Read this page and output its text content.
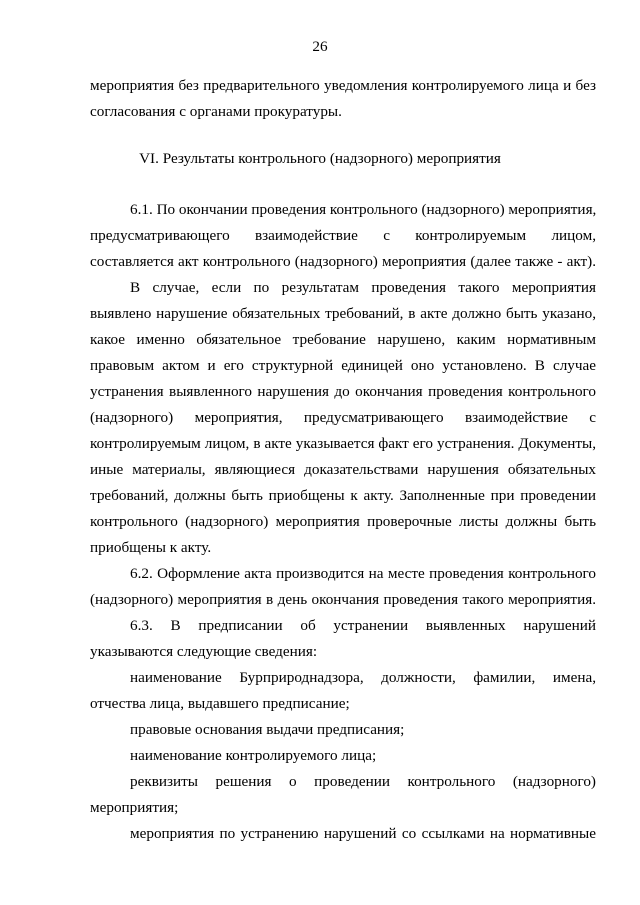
26
мероприятия без предварительного уведомления контролируемого лица и без
согласования с органами прокуратуры.
VI. Результаты контрольного (надзорного) мероприятия
6.1. По окончании проведения контрольного (надзорного) мероприятия,
предусматривающего взаимодействие с контролируемым лицом,
составляется акт контрольного (надзорного) мероприятия (далее также - акт).
В случае, если по результатам проведения такого мероприятия
выявлено нарушение обязательных требований, в акте должно быть указано,
какое именно обязательное требование нарушено, каким нормативным
правовым актом и его структурной единицей оно установлено. В случае
устранения выявленного нарушения до окончания проведения контрольного
(надзорного) мероприятия, предусматривающего взаимодействие с
контролируемым лицом, в акте указывается факт его устранения. Документы,
иные материалы, являющиеся доказательствами нарушения обязательных
требований, должны быть приобщены к акту. Заполненные при проведении
контрольного (надзорного) мероприятия проверочные листы должны быть
приобщены к акту.
6.2. Оформление акта производится на месте проведения контрольного
(надзорного) мероприятия в день окончания проведения такого мероприятия.
6.3. В предписании об устранении выявленных нарушений
указываются следующие сведения:
наименование Бурприроднадзора, должности, фамилии, имена,
отчества лица, выдавшего предписание;
правовые основания выдачи предписания;
наименование контролируемого лица;
реквизиты решения о проведении контрольного (надзорного)
мероприятия;
мероприятия по устранению нарушений со ссылками на нормативные
